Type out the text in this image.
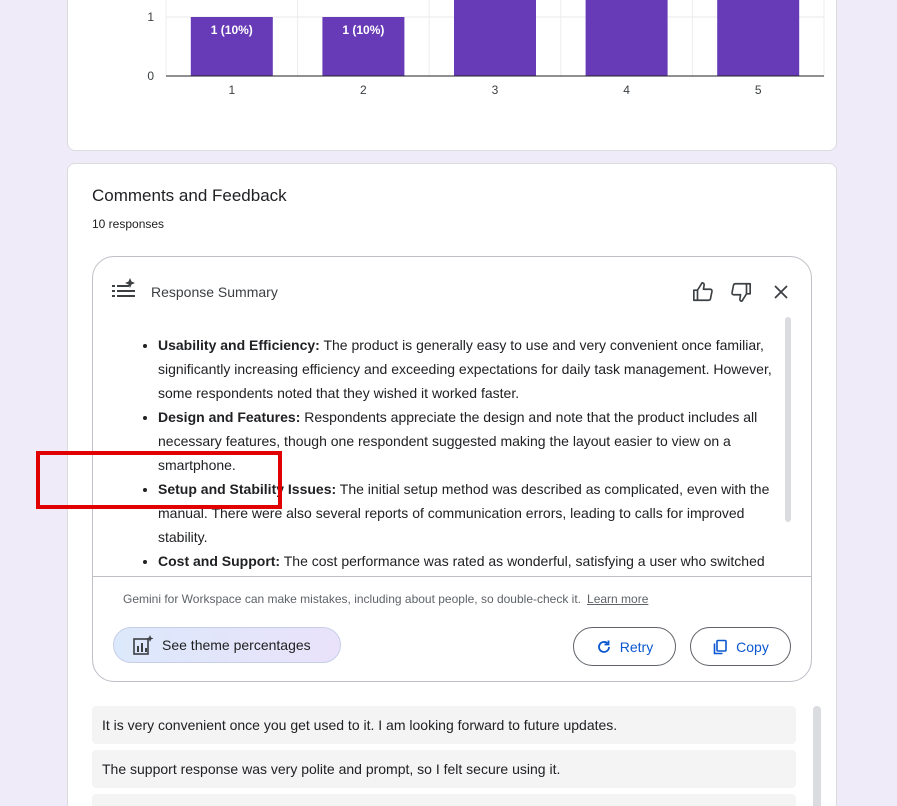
1 (10%)
1
1 (10%)
2	3	4	5
0
1
Comments and Feedback
10 responses
Response Summary
• Usability and Efficiency: The product is generally easy to use and very convenient once familiar, significantly increasing efficiency and exceeding expectations for daily task management. However, some respondents noted that they wished it worked faster.
• Design and Features: Respondents appreciate the design and note that the product includes all necessary features, though one respondent suggested making the layout easier to view on a smartphone.
• Setup and Stability Issues: The initial setup method was described as complicated, even with the manual. There were also several reports of communication errors, leading to calls for improved stability.
• Cost and Support: The cost performance was rated as wonderful, satisfying a user who switched
Gemini for Workspace can make mistakes, including about people, so double-check it. Learn more
See theme percentages	Retry	Copy
It is very convenient once you get used to it. I am looking forward to future updates.
The support response was very polite and prompt, so I felt secure using it.
